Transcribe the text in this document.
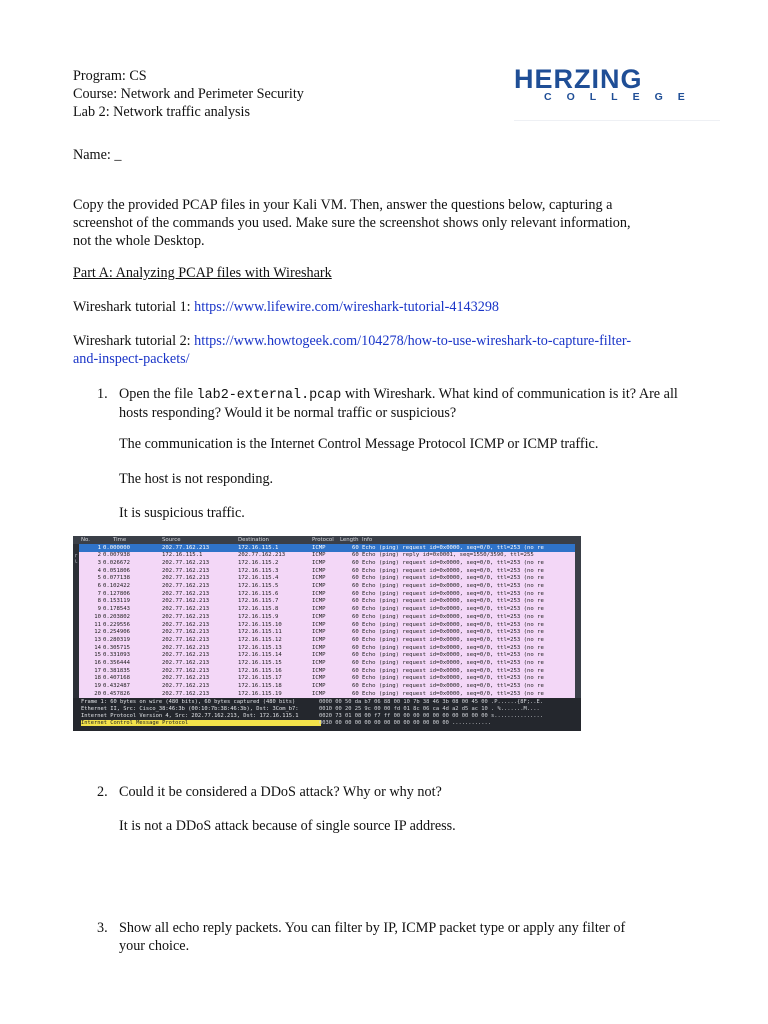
Program: CS
Course: Network and Perimeter Security
Lab 2: Network traffic analysis
HERZING
COLLEGE
Name: _
Copy the provided PCAP files in your Kali VM. Then, answer the questions below, capturing a
screenshot of the commands you used. Make sure the screenshot shows only relevant information,
not the whole Desktop.
Part A: Analyzing PCAP files with Wireshark
Wireshark tutorial 1: https://www.lifewire.com/wireshark-tutorial-4143298
Wireshark tutorial 2: https://www.howtogeek.com/104278/how-to-use-wireshark-to-capture-filter-
and-inspect-packets/
1. Open the file lab2-external.pcap with Wireshark. What kind of communication is it? Are all
hosts responding? Would it be normal traffic or suspicious?
The communication is the Internet Control Message Protocol ICMP or ICMP traffic.
The host is not responding.
It is suspicious traffic.
No.	Time	Source	Destination	Protocol Length Info
┌
└
1 0.000000	202.77.162.213	172.16.115.1	ICMP	60 Echo (ping) request id=0x0000, seq=0/0, ttl=253 (no re
2 0.007938	172.16.115.1	202.77.162.213	ICMP	60 Echo (ping) reply id=0x0001, seq=1550/3590, ttl=255
3 0.026672	202.77.162.213	172.16.115.2	ICMP	60 Echo (ping) request id=0x0000, seq=0/0, ttl=253 (no re
4 0.051806	202.77.162.213	172.16.115.3	ICMP	60 Echo (ping) request id=0x0000, seq=0/0, ttl=253 (no re
5 0.077138	202.77.162.213	172.16.115.4	ICMP	60 Echo (ping) request id=0x0000, seq=0/0, ttl=253 (no re
6 0.102422	202.77.162.213	172.16.115.5	ICMP	60 Echo (ping) request id=0x0000, seq=0/0, ttl=253 (no re
7 0.127806	202.77.162.213	172.16.115.6	ICMP	60 Echo (ping) request id=0x0000, seq=0/0, ttl=253 (no re
8 0.153119	202.77.162.213	172.16.115.7	ICMP	60 Echo (ping) request id=0x0000, seq=0/0, ttl=253 (no re
9 0.178543	202.77.162.213	172.16.115.8	ICMP	60 Echo (ping) request id=0x0000, seq=0/0, ttl=253 (no re
10 0.203802	202.77.162.213	172.16.115.9	ICMP	60 Echo (ping) request id=0x0000, seq=0/0, ttl=253 (no re
11 0.229556	202.77.162.213	172.16.115.10	ICMP	60 Echo (ping) request id=0x0000, seq=0/0, ttl=253 (no re
12 0.254906	202.77.162.213	172.16.115.11	ICMP	60 Echo (ping) request id=0x0000, seq=0/0, ttl=253 (no re
13 0.280319	202.77.162.213	172.16.115.12	ICMP	60 Echo (ping) request id=0x0000, seq=0/0, ttl=253 (no re
14 0.305715	202.77.162.213	172.16.115.13	ICMP	60 Echo (ping) request id=0x0000, seq=0/0, ttl=253 (no re
15 0.331093	202.77.162.213	172.16.115.14	ICMP	60 Echo (ping) request id=0x0000, seq=0/0, ttl=253 (no re
16 0.356444	202.77.162.213	172.16.115.15	ICMP	60 Echo (ping) request id=0x0000, seq=0/0, ttl=253 (no re
17 0.381835	202.77.162.213	172.16.115.16	ICMP	60 Echo (ping) request id=0x0000, seq=0/0, ttl=253 (no re
18 0.407168	202.77.162.213	172.16.115.17	ICMP	60 Echo (ping) request id=0x0000, seq=0/0, ttl=253 (no re
19 0.432487	202.77.162.213	172.16.115.18	ICMP	60 Echo (ping) request id=0x0000, seq=0/0, ttl=253 (no re
20 0.457826	202.77.162.213	172.16.115.19	ICMP	60 Echo (ping) request id=0x0000, seq=0/0, ttl=253 (no re
Frame 1: 60 bytes on wire (480 bits), 60 bytes captured (480 bits)
Ethernet II, Src: Cisco_38:46:3b (00:10:7b:38:46:3b), Dst: 3Com_b7:
Internet Protocol Version 4, Src: 202.77.162.213, Dst: 172.16.115.1
Internet Control Message Protocol
0000 00 50 da b7 06 88 00 10 7b 38 46 3b 08 00 45 00 .P......{8F;..E.
0010 00 20 25 9c 00 00 fd 01 8c 06 ca 4d a2 d5 ac 10 . %.......M....
0020 73 01 08 00 f7 ff 00 00 00 00 00 00 00 00 00 00 s...............
0030 00 00 00 00 00 00 00 00 00 00 00 00 ............
2. Could it be considered a DDoS attack? Why or why not?
It is not a DDoS attack because of single source IP address.
3. Show all echo reply packets. You can filter by IP, ICMP packet type or apply any filter of
your choice.
